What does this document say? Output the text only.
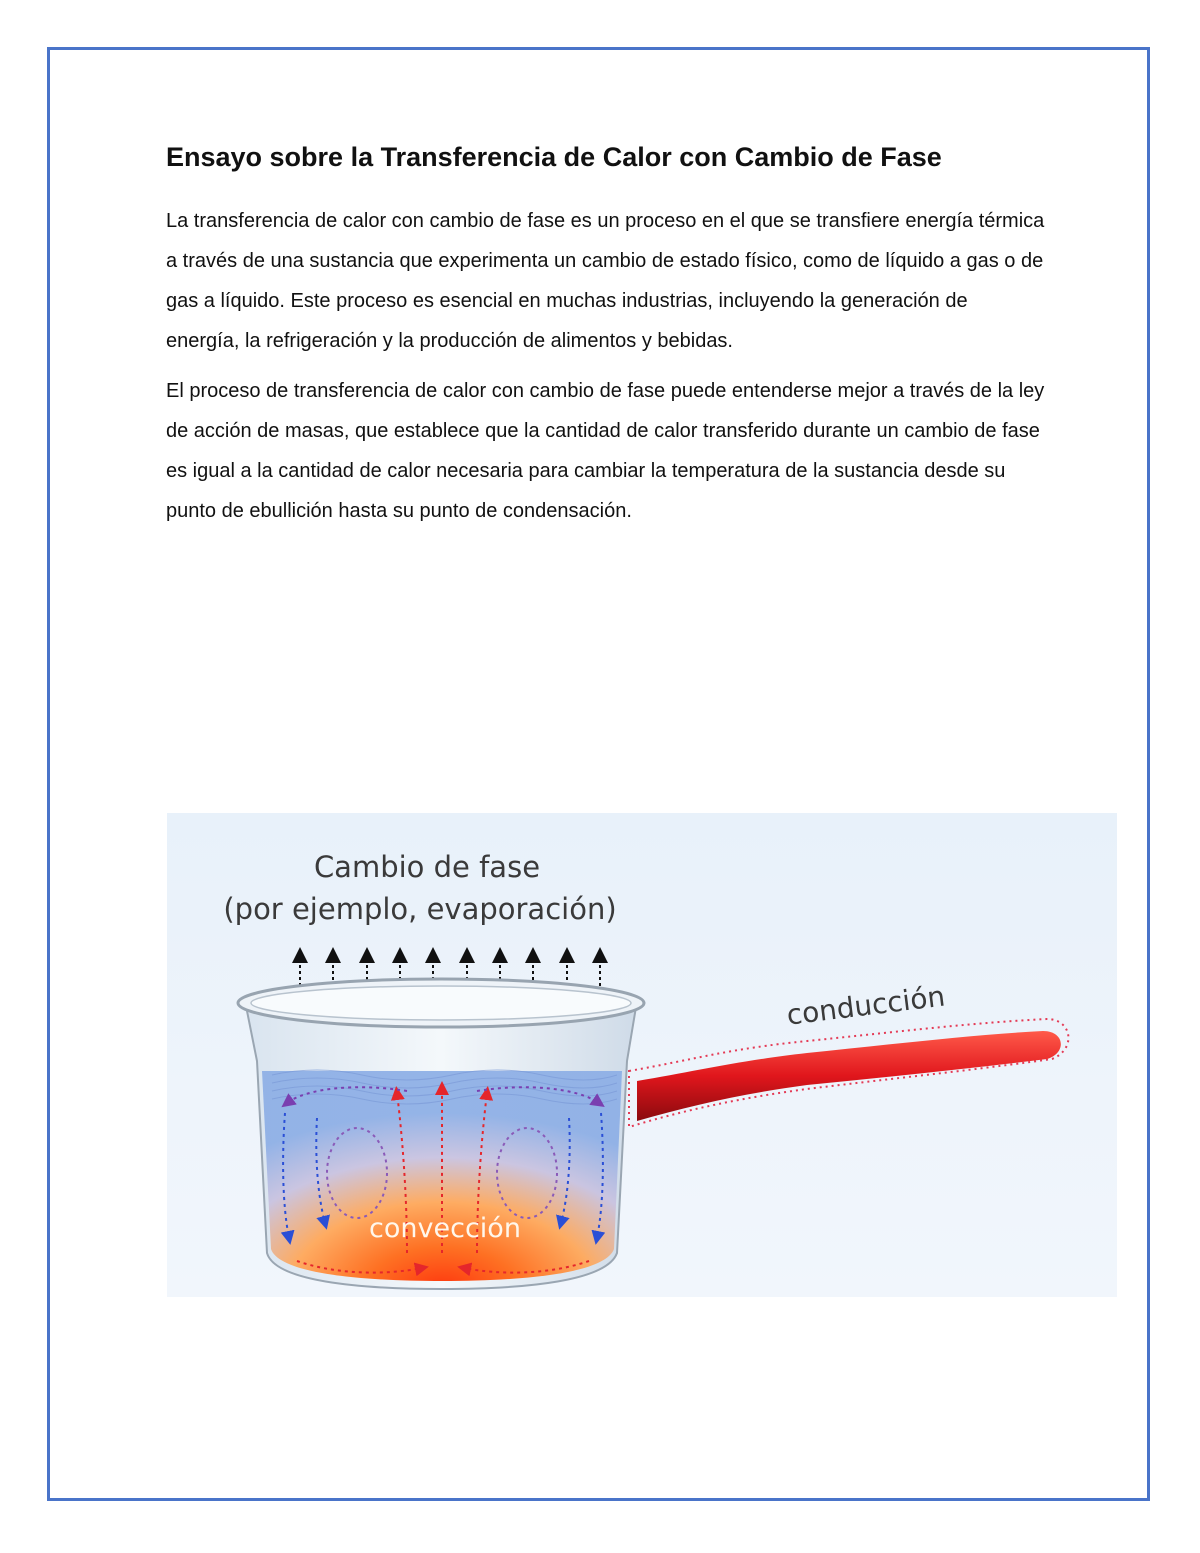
Ensayo sobre la Transferencia de Calor con Cambio de Fase

La transferencia de calor con cambio de fase es un proceso en el que se transfiere energía térmica a través de una sustancia que experimenta un cambio de estado físico, como de líquido a gas o de gas a líquido. Este proceso es esencial en muchas industrias, incluyendo la generación de energía, la refrigeración y la producción de alimentos y bebidas.

El proceso de transferencia de calor con cambio de fase puede entenderse mejor a través de la ley de acción de masas, que establece que la cantidad de calor transferido durante un cambio de fase es igual a la cantidad de calor necesaria para cambiar la temperatura de la sustancia desde su punto de ebullición hasta su punto de condensación.

Cambio de fase
(por ejemplo, evaporación)
conducción
convección
